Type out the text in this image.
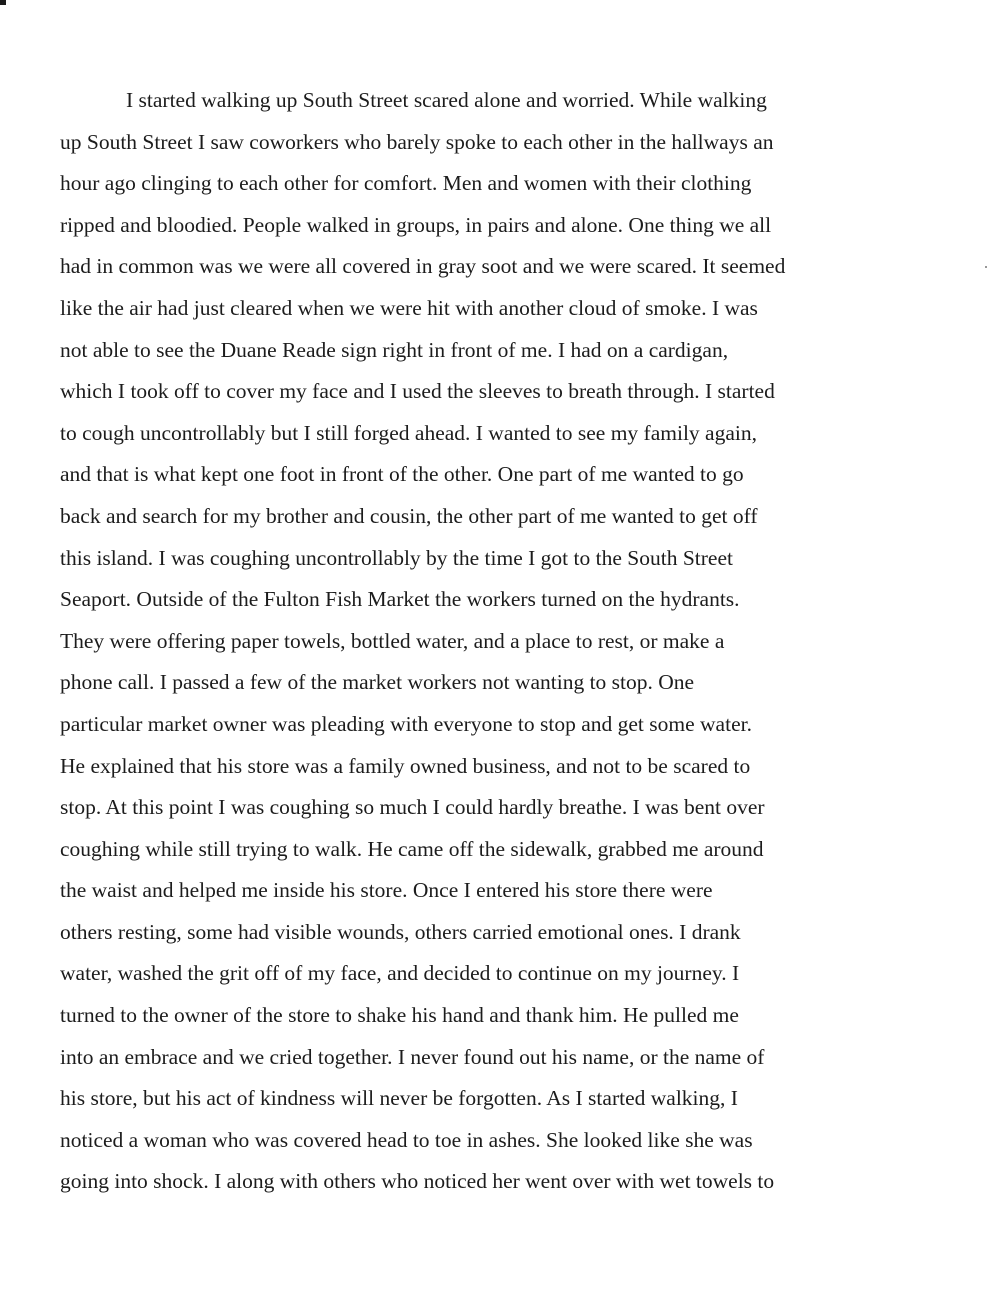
I started walking up South Street scared alone and worried. While walking
up South Street I saw coworkers who barely spoke to each other in the hallways an
hour ago clinging to each other for comfort. Men and women with their clothing
ripped and bloodied. People walked in groups, in pairs and alone. One thing we all
had in common was we were all covered in gray soot and we were scared. It seemed
like the air had just cleared when we were hit with another cloud of smoke. I was
not able to see the Duane Reade sign right in front of me. I had on a cardigan,
which I took off to cover my face and I used the sleeves to breath through. I started
to cough uncontrollably but I still forged ahead. I wanted to see my family again,
and that is what kept one foot in front of the other. One part of me wanted to go
back and search for my brother and cousin, the other part of me wanted to get off
this island. I was coughing uncontrollably by the time I got to the South Street
Seaport. Outside of the Fulton Fish Market the workers turned on the hydrants.
They were offering paper towels, bottled water, and a place to rest, or make a
phone call. I passed a few of the market workers not wanting to stop. One
particular market owner was pleading with everyone to stop and get some water.
He explained that his store was a family owned business, and not to be scared to
stop. At this point I was coughing so much I could hardly breathe. I was bent over
coughing while still trying to walk. He came off the sidewalk, grabbed me around
the waist and helped me inside his store. Once I entered his store there were
others resting, some had visible wounds, others carried emotional ones. I drank
water, washed the grit off of my face, and decided to continue on my journey. I
turned to the owner of the store to shake his hand and thank him. He pulled me
into an embrace and we cried together. I never found out his name, or the name of
his store, but his act of kindness will never be forgotten. As I started walking, I
noticed a woman who was covered head to toe in ashes. She looked like she was
going into shock. I along with others who noticed her went over with wet towels to
